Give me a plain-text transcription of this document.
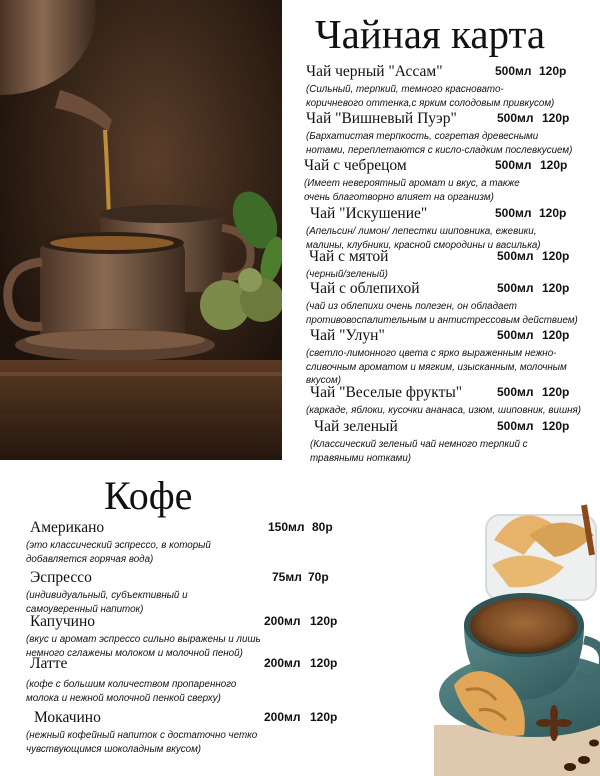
Чайная карта
Чай черный "Ассам"	500мл 120р
(Сильный, терпкий, темного красновато-
коричневого оттенка,с ярким солодовым привкусом)
Чай "Вишневый Пуэр"	500мл 120р
(Бархатистая терпкость, согретая древесными
нотами, переплетаются с кисло-сладким послевкусием)
Чай с чебрецом	500мл 120р
(Имеет невероятный аромат и вкус, а также
очень благотворно влияет на организм)
Чай "Искушение"	500мл 120р
(Апельсин/ лимон/ лепестки шиповника, ежевики,
малины, клубники, красной смородины и василька)
Чай с мятой	500мл 120р
(черный/зеленый)
Чай с облепихой	500мл 120р
(чай из облепихи очень полезен, он обладает
противовоспалительным и антистрессовым действием)
Чай "Улун"	500мл 120р
(светло-лимонного цвета с ярко выраженным нежно-
сливочным ароматом и мягким, изысканным, молочным
вкусом)
Чай "Веселые фрукты"	500мл 120р
(каркаде, яблоки, кусочки ананаса, изюм, шиповник, вишня)
Чай зеленый	500мл 120р
(Классический зеленый чай немного терпкий с
травяными нотками)
Кофе
Американо	150мл 80р
(это классический эспрессо, в который
добавляется горячая вода)
Эспрессо	75мл 70р
(индивидуальный, субъективный и
самоуверенный напиток)
Капучино	200мл 120р
(вкус и аромат эспрессо сильно выражены и лишь
немного сглажены молоком и молочной пеной)
Латте	200мл 120р
(кофе с большим количеством пропаренного
молока и нежной молочной пенкой сверху)
Мокачино	200мл 120р
(нежный кофейный напиток с достаточно четко
чувствующимся шоколадным вкусом)
